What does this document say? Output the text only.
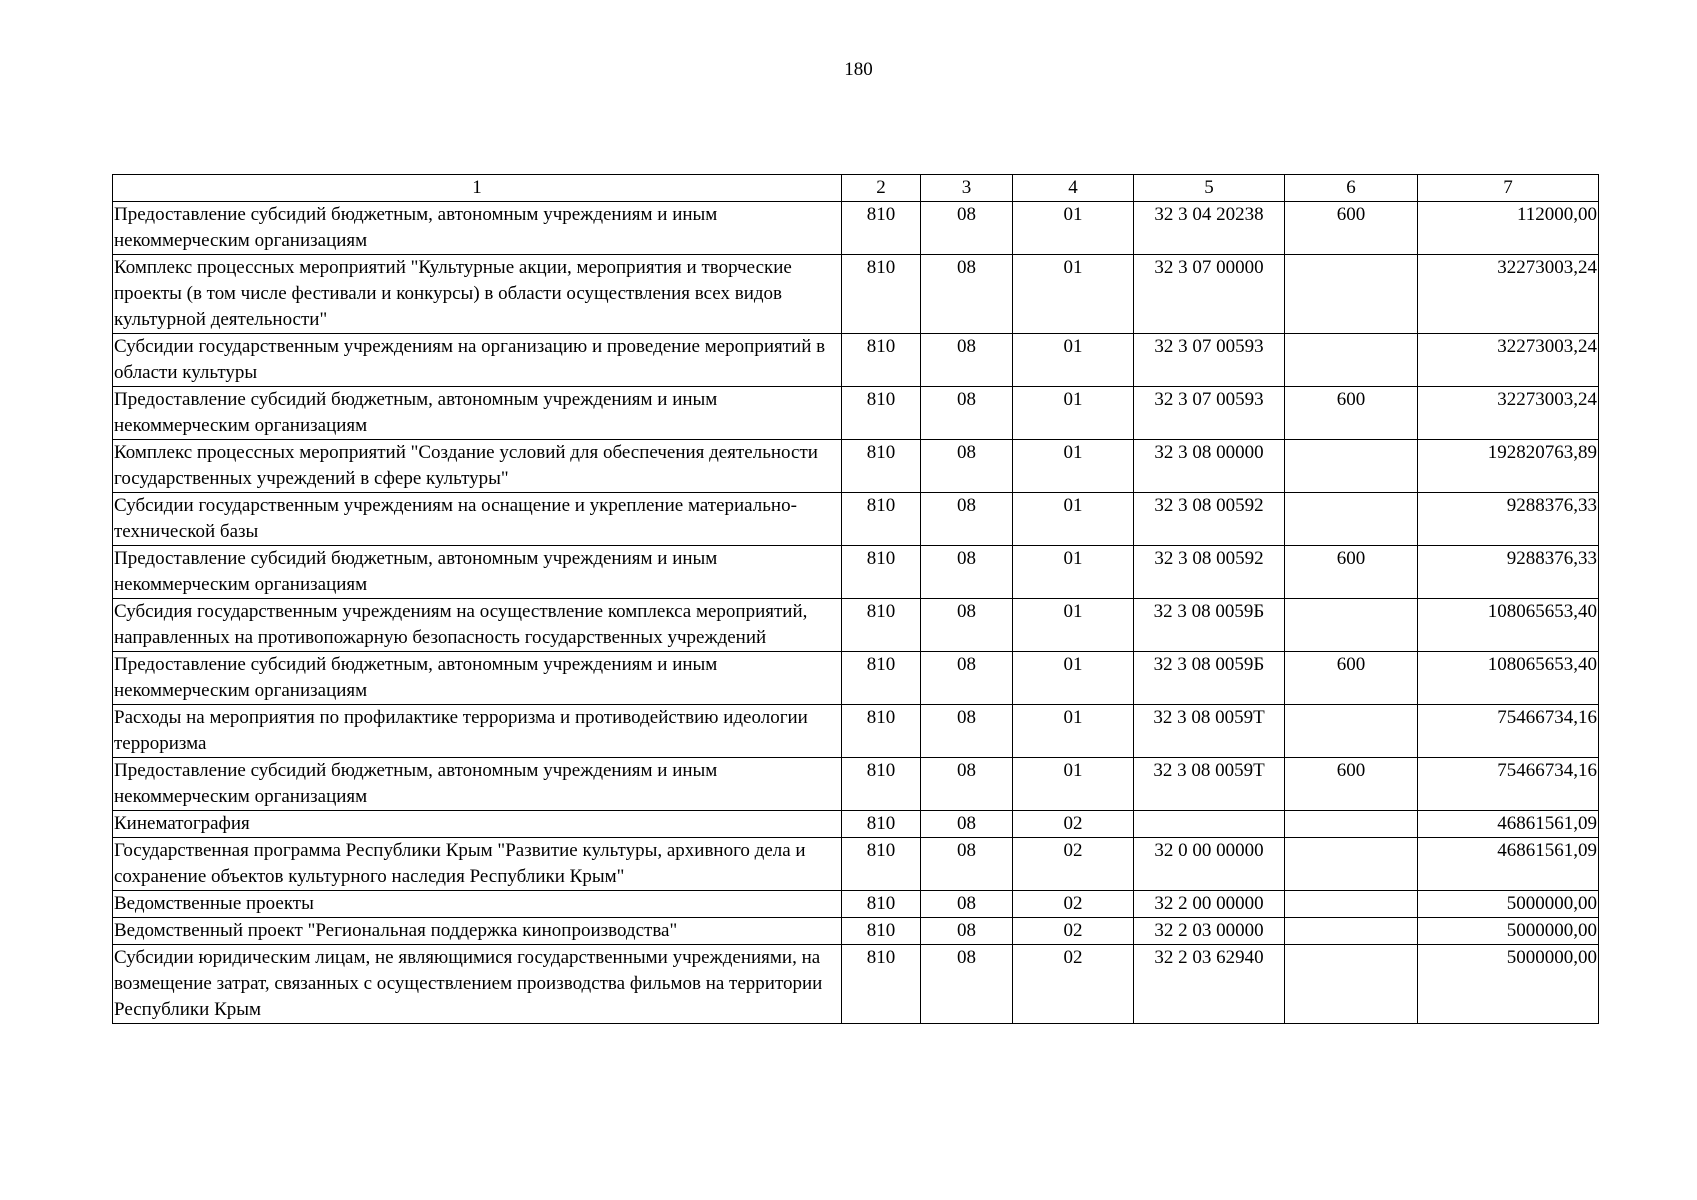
180
1	2	3	4	5	6	7
Предоставление субсидий бюджетным, автономным учреждениям и иным некоммерческим организациям	810	08	01	32 3 04 20238	600	112000,00
Комплекс процессных мероприятий "Культурные акции, мероприятия и творческие проекты (в том числе фестивали и конкурсы) в области осуществления всех видов культурной деятельности"	810	08	01	32 3 07 00000		32273003,24
Субсидии государственным учреждениям на организацию и проведение мероприятий в области культуры	810	08	01	32 3 07 00593		32273003,24
Предоставление субсидий бюджетным, автономным учреждениям и иным некоммерческим организациям	810	08	01	32 3 07 00593	600	32273003,24
Комплекс процессных мероприятий "Создание условий для обеспечения деятельности государственных учреждений в сфере культуры"	810	08	01	32 3 08 00000		192820763,89
Субсидии государственным учреждениям на оснащение и укрепление материально-технической базы	810	08	01	32 3 08 00592		9288376,33
Предоставление субсидий бюджетным, автономным учреждениям и иным некоммерческим организациям	810	08	01	32 3 08 00592	600	9288376,33
Субсидия государственным учреждениям на осуществление комплекса мероприятий, направленных на противопожарную безопасность государственных учреждений	810	08	01	32 3 08 0059Б		108065653,40
Предоставление субсидий бюджетным, автономным учреждениям и иным некоммерческим организациям	810	08	01	32 3 08 0059Б	600	108065653,40
Расходы на мероприятия по профилактике терроризма и противодействию идеологии терроризма	810	08	01	32 3 08 0059Т		75466734,16
Предоставление субсидий бюджетным, автономным учреждениям и иным некоммерческим организациям	810	08	01	32 3 08 0059Т	600	75466734,16
Кинематография	810	08	02			46861561,09
Государственная программа Республики Крым "Развитие культуры, архивного дела и сохранение объектов культурного наследия Республики Крым"	810	08	02	32 0 00 00000		46861561,09
Ведомственные проекты	810	08	02	32 2 00 00000		5000000,00
Ведомственный проект "Региональная поддержка кинопроизводства"	810	08	02	32 2 03 00000		5000000,00
Субсидии юридическим лицам, не являющимися государственными учреждениями, на возмещение затрат, связанных с осуществлением производства фильмов на территории Республики Крым	810	08	02	32 2 03 62940		5000000,00
